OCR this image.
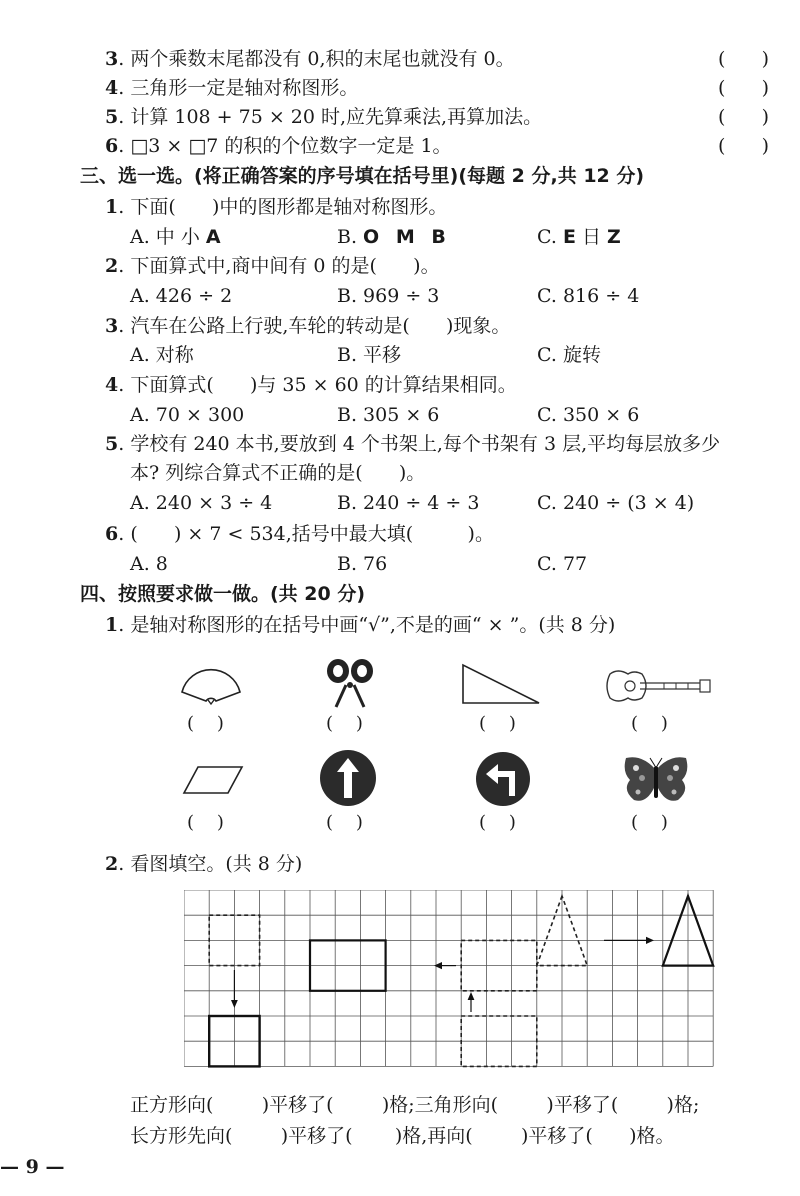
3. 两个乘数末尾都没有 0,积的末尾也就没有 0。	(      )
4. 三角形一定是轴对称图形。	(      )
5. 计算 108 + 75 × 20 时,应先算乘法,再算加法。	(      )
6. □3 × □7 的积的个位数字一定是 1。	(      )
三、选一选。(将正确答案的序号填在括号里)(每题 2 分,共 12 分)
1. 下面(      )中的图形都是轴对称图形。
A. 中 小 A	B. O M B	C. E 日 Z
2. 下面算式中,商中间有 0 的是(      )。
A. 426 ÷ 2	B. 969 ÷ 3	C. 816 ÷ 4
3. 汽车在公路上行驶,车轮的转动是(      )现象。
A. 对称	B. 平移	C. 旋转
4. 下面算式(      )与 35 × 60 的计算结果相同。
A. 70 × 300	B. 305 × 6	C. 350 × 6
5. 学校有 240 本书,要放到 4 个书架上,每个书架有 3 层,平均每层放多少
本? 列综合算式不正确的是(      )。
A. 240 × 3 ÷ 4	B. 240 ÷ 4 ÷ 3	C. 240 ÷ (3 × 4)
6. (      ) × 7 < 534,括号中最大填(         )。
A. 8	B. 76	C. 77
四、按照要求做一做。(共 20 分)
1. 是轴对称图形的在括号中画“√”,不是的画“ × ”。(共 8 分)
(    )	(    )	(    )	(    )
(    )	(    )	(    )	(    )
2. 看图填空。(共 8 分)
正方形向(        )平移了(        )格;三角形向(        )平移了(        )格;
长方形先向(        )平移了(       )格,再向(        )平移了(      )格。
— 9 —
